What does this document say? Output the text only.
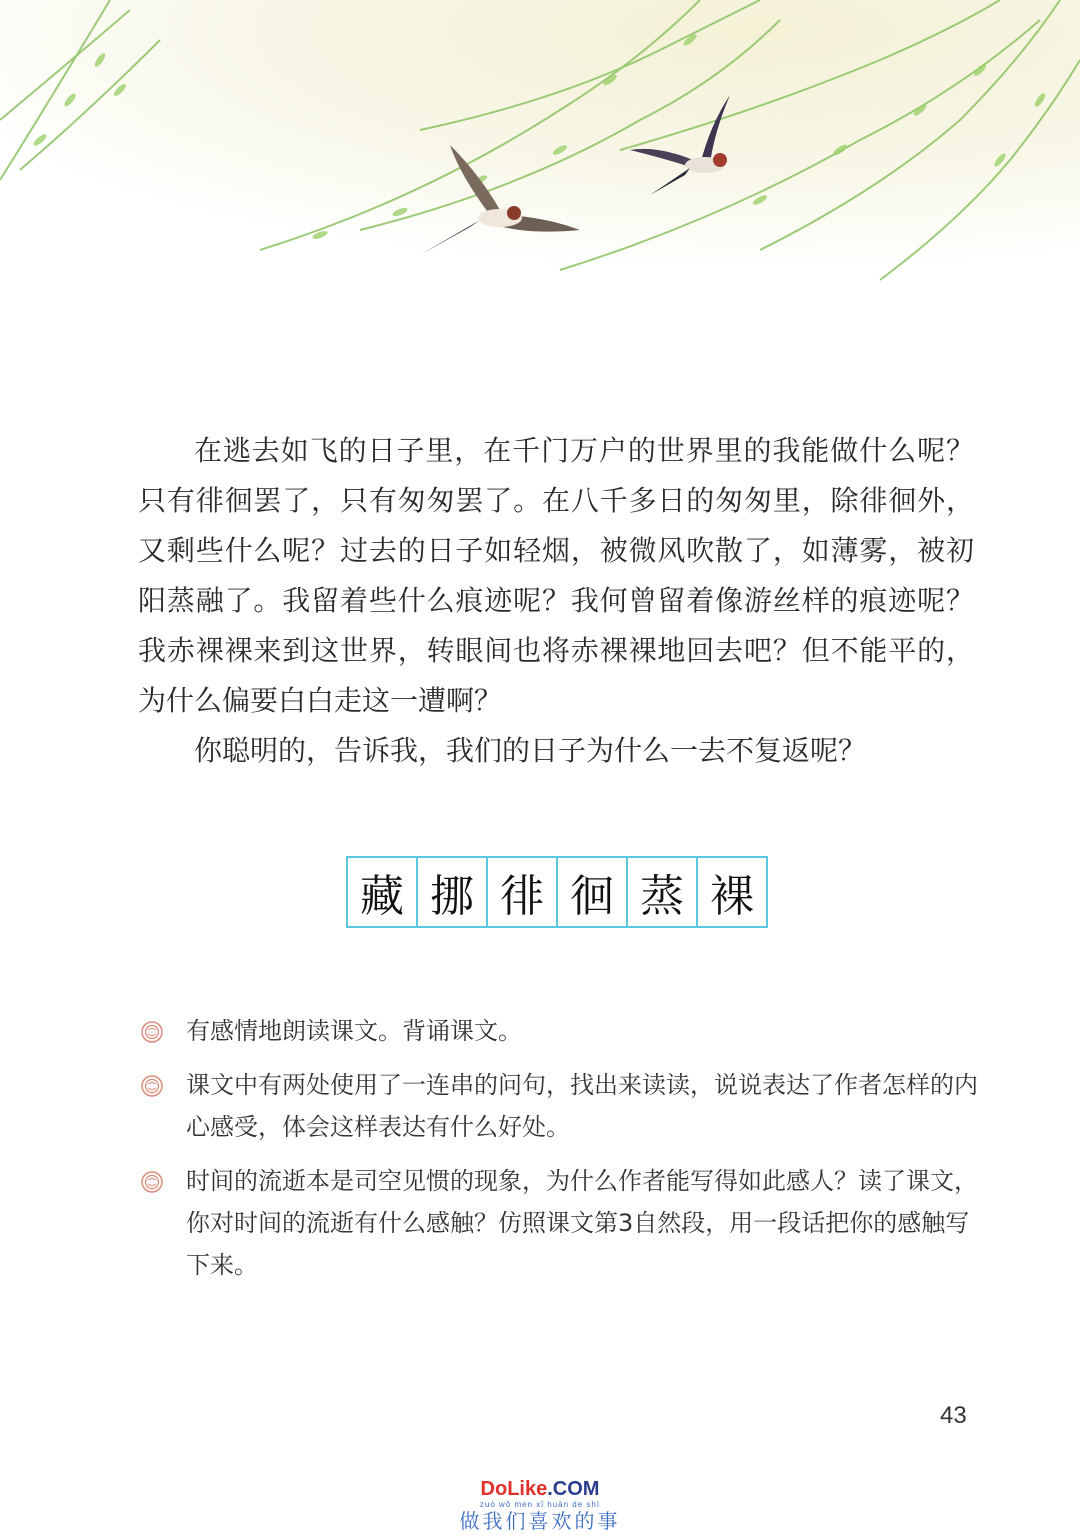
在逃去如飞的日子里，在千门万户的世界里的我能做什么呢？只有徘徊罢了，只有匆匆罢了。在八千多日的匆匆里，除徘徊外，又剩些什么呢？过去的日子如轻烟，被微风吹散了，如薄雾，被初阳蒸融了。我留着些什么痕迹呢？我何曾留着像游丝样的痕迹呢？我赤裸裸来到这世界，转眼间也将赤裸裸地回去吧？但不能平的，为什么偏要白白走这一遭啊？

你聪明的，告诉我，我们的日子为什么一去不复返呢？

藏 挪 徘 徊 蒸 裸
有感情地朗读课文。背诵课文。
课文中有两处使用了一连串的问句，找出来读读，说说表达了作者怎样的内心感受，体会这样表达有什么好处。
时间的流逝本是司空见惯的现象，为什么作者能写得如此感人？读了课文，你对时间的流逝有什么感触？仿照课文第3自然段，用一段话把你的感触写下来。
43
DoLike.COM
zuò wǒ men xǐ huān de shì
做我们喜欢的事
